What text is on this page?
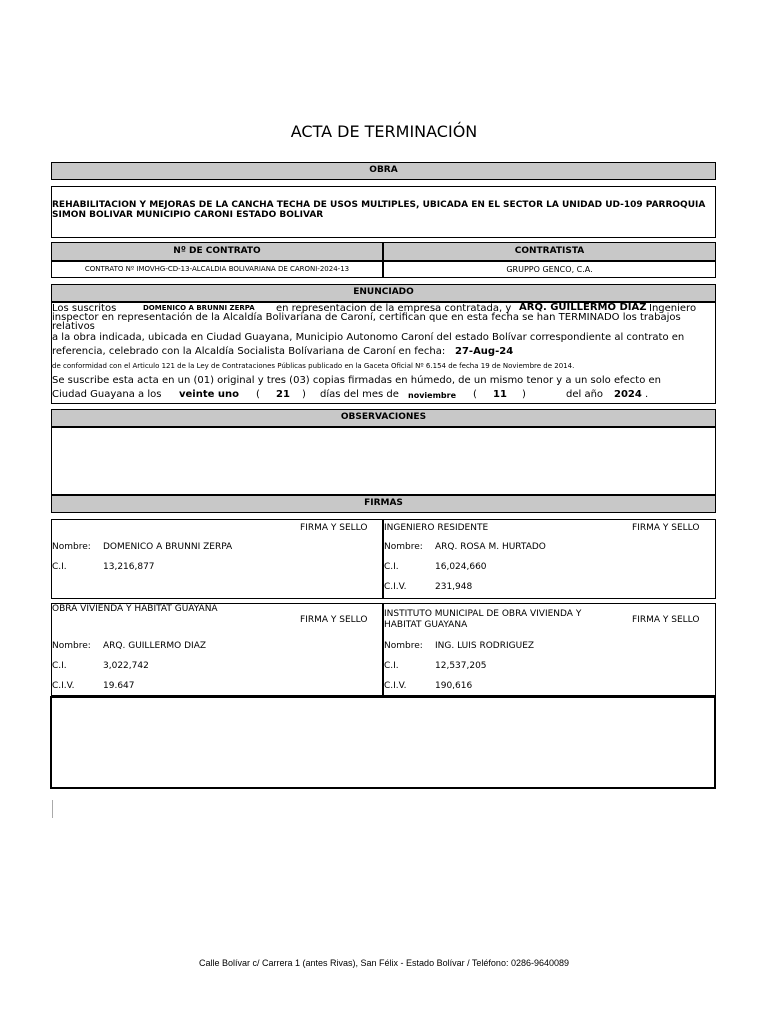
ACTA DE TERMINACIÓN
OBRA
REHABILITACION Y MEJORAS DE LA CANCHA TECHA DE USOS MULTIPLES, UBICADA EN EL SECTOR LA UNIDAD UD-109 PARROQUIA
SIMON BOLIVAR MUNICIPIO CARONI ESTADO BOLIVAR
Nº DE CONTRATO	CONTRATISTA
CONTRATO Nº IMOVHG-CD-13-ALCALDIA BOLIVARIANA DE CARONI-2024-13	GRUPPO GENCO, C.A.
ENUNCIADO
Los suscritos	DOMENICO A BRUNNI ZERPA en representacion de la empresa contratada, y ARQ. GUILLERMO DIAZ Ingeniero
inspector en representación de la Alcaldía Bolivariana de Caroní, certifican que en esta fecha se han TERMINADO los trabajos
relativos
a la obra indicada, ubicada en Ciudad Guayana, Municipio Autonomo Caroní del estado Bolívar correspondiente al contrato en
referencia, celebrado con la Alcaldía Socialista Bolívariana de Caroní en fecha: 27-Aug-24
de conformidad con el Articulo 121 de la Ley de Contrataciones Públicas publicado en la Gaceta Oficial Nº 6.154 de fecha 19 de Noviembre de 2014.
Se suscribe esta acta en un (01) original y tres (03) copias firmadas en húmedo, de un mismo tenor y a un solo efecto en
Ciudad Guayana a los veinte uno ( 21 ) días del mes de noviembre ( 11 )	del año 2024 .
OBSERVACIONES
FIRMAS
FIRMA Y SELLO
Nombre: DOMENICO A BRUNNI ZERPA
C.I.	13,216,877
INGENIERO RESIDENTE	FIRMA Y SELLO
Nombre: ARQ. ROSA M. HURTADO
C.I.	16,024,660
C.I.V.	231,948
OBRA VIVIENDA Y HABITAT GUAYANA
FIRMA Y SELLO
Nombre: ARQ. GUILLERMO DIAZ
C.I.	3,022,742
C.I.V.	19.647
INSTITUTO MUNICIPAL DE OBRA VIVIENDA Y
HABITAT GUAYANA	FIRMA Y SELLO
Nombre: ING. LUIS RODRIGUEZ
C.I.	12,537,205
C.I.V.	190,616
Calle Bolívar c/ Carrera 1 (antes Rivas), San Félix - Estado Bolívar / Teléfono: 0286-9640089
